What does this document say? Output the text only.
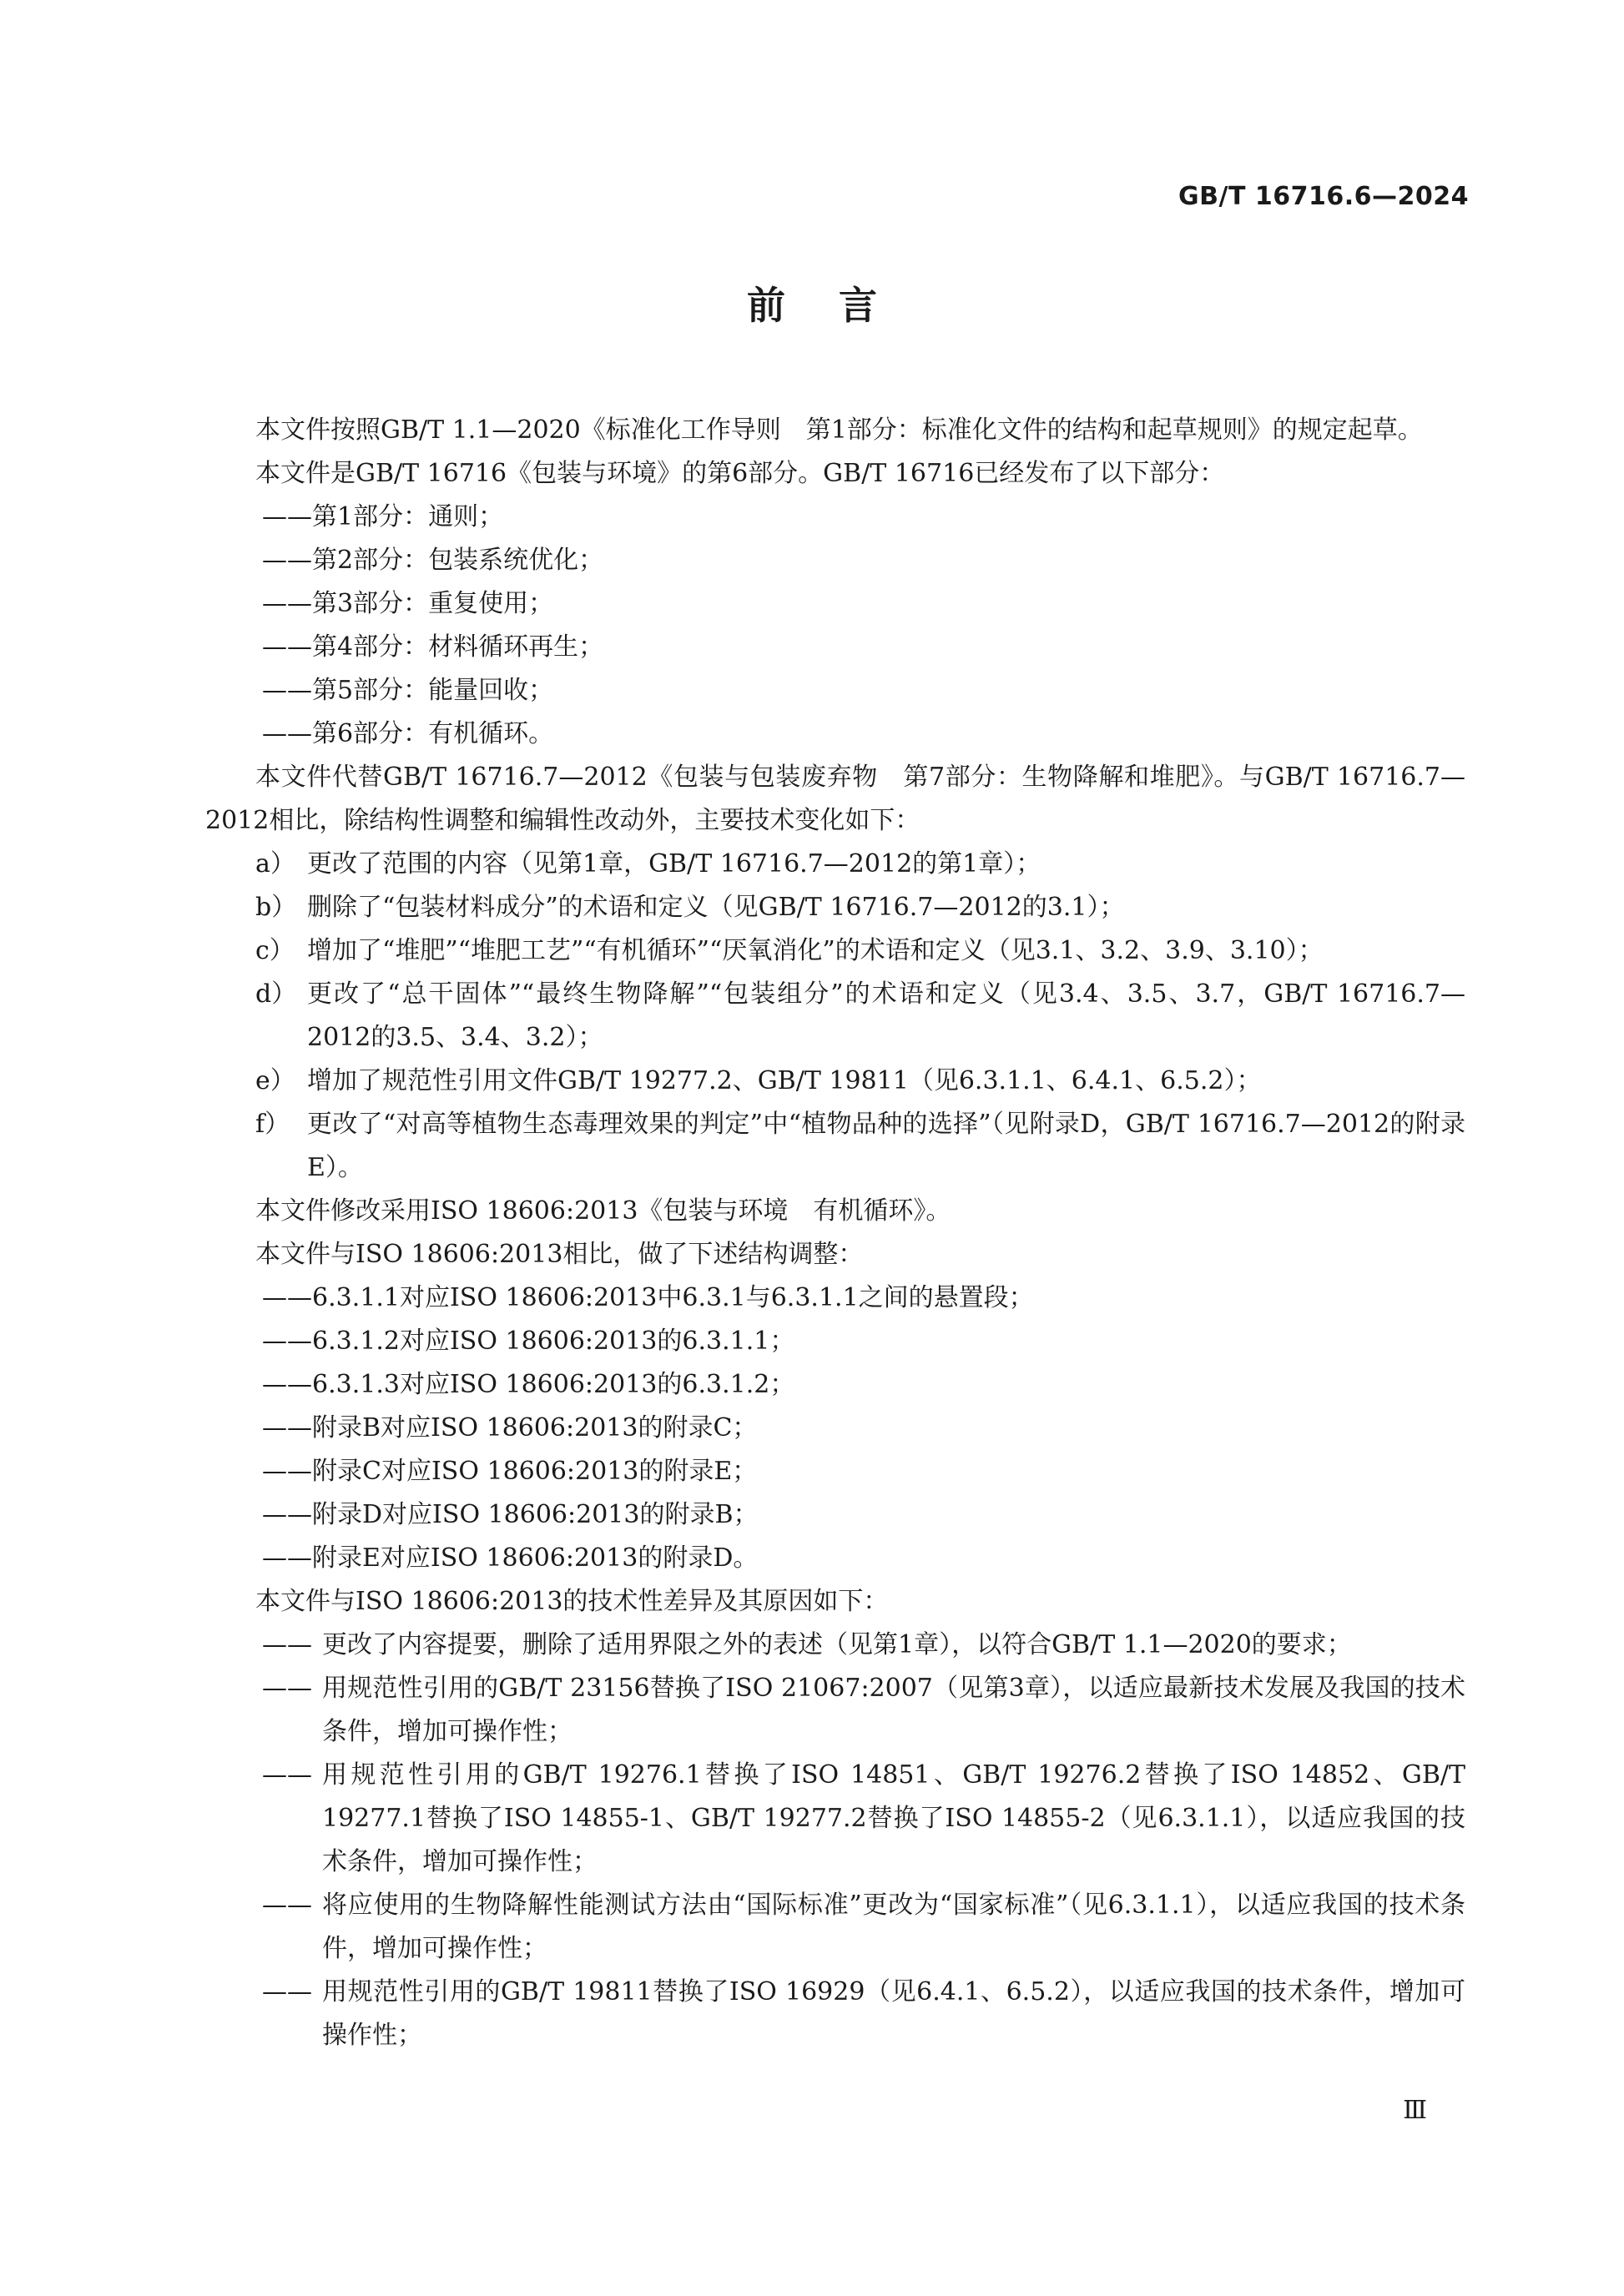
GB/T 16716.6—2024
前言

本文件按照GB/T 1.1—2020《标准化工作导则　第1部分：标准化文件的结构和起草规则》的规定起草。

本文件是GB/T 16716《包装与环境》的第6部分。GB/T 16716已经发布了以下部分：

——第1部分：通则；

——第2部分：包装系统优化；

——第3部分：重复使用；

——第4部分：材料循环再生；

——第5部分：能量回收；

——第6部分：有机循环。

本文件代替GB/T 16716.7—2012《包装与包装废弃物　第7部分：生物降解和堆肥》。与GB/T 16716.7—2012相比，除结构性调整和编辑性改动外，主要技术变化如下：

a） 更改了范围的内容（见第1章，GB/T 16716.7—2012的第1章）；
b） 删除了“包装材料成分”的术语和定义（见GB/T 16716.7—2012的3.1）；
c） 增加了“堆肥”“堆肥工艺”“有机循环”“厌氧消化”的术语和定义（见3.1、3.2、3.9、3.10）；
d） 更改了“总干固体”“最终生物降解”“包装组分”的术语和定义（见3.4、3.5、3.7，GB/T 16716.7—2012的3.5、3.4、3.2）；
e） 增加了规范性引用文件GB/T 19277.2、GB/T 19811（见6.3.1.1、6.4.1、6.5.2）；
f） 更改了“对高等植物生态毒理效果的判定”中“植物品种的选择”（见附录D，GB/T 16716.7—2012的附录E）。

本文件修改采用ISO 18606:2013《包装与环境　有机循环》。

本文件与ISO 18606:2013相比，做了下述结构调整：

——6.3.1.1对应ISO 18606:2013中6.3.1与6.3.1.1之间的悬置段；

——6.3.1.2对应ISO 18606:2013的6.3.1.1；

——6.3.1.3对应ISO 18606:2013的6.3.1.2；

——附录B对应ISO 18606:2013的附录C；

——附录C对应ISO 18606:2013的附录E；

——附录D对应ISO 18606:2013的附录B；

——附录E对应ISO 18606:2013的附录D。

本文件与ISO 18606:2013的技术性差异及其原因如下：

—— 更改了内容提要，删除了适用界限之外的表述（见第1章），以符合GB/T 1.1—2020的要求；
—— 用规范性引用的GB/T 23156替换了ISO 21067:2007（见第3章），以适应最新技术发展及我国的技术条件，增加可操作性；
—— 用规范性引用的GB/T 19276.1替换了ISO 14851、GB/T 19276.2替换了ISO 14852、GB/T 19277.1替换了ISO 14855-1、GB/T 19277.2替换了ISO 14855-2（见6.3.1.1），以适应我国的技术条件，增加可操作性；
—— 将应使用的生物降解性能测试方法由“国际标准”更改为“国家标准”（见6.3.1.1），以适应我国的技术条件，增加可操作性；
—— 用规范性引用的GB/T 19811替换了ISO 16929（见6.4.1、6.5.2），以适应我国的技术条件，增加可操作性；
Ⅲ
